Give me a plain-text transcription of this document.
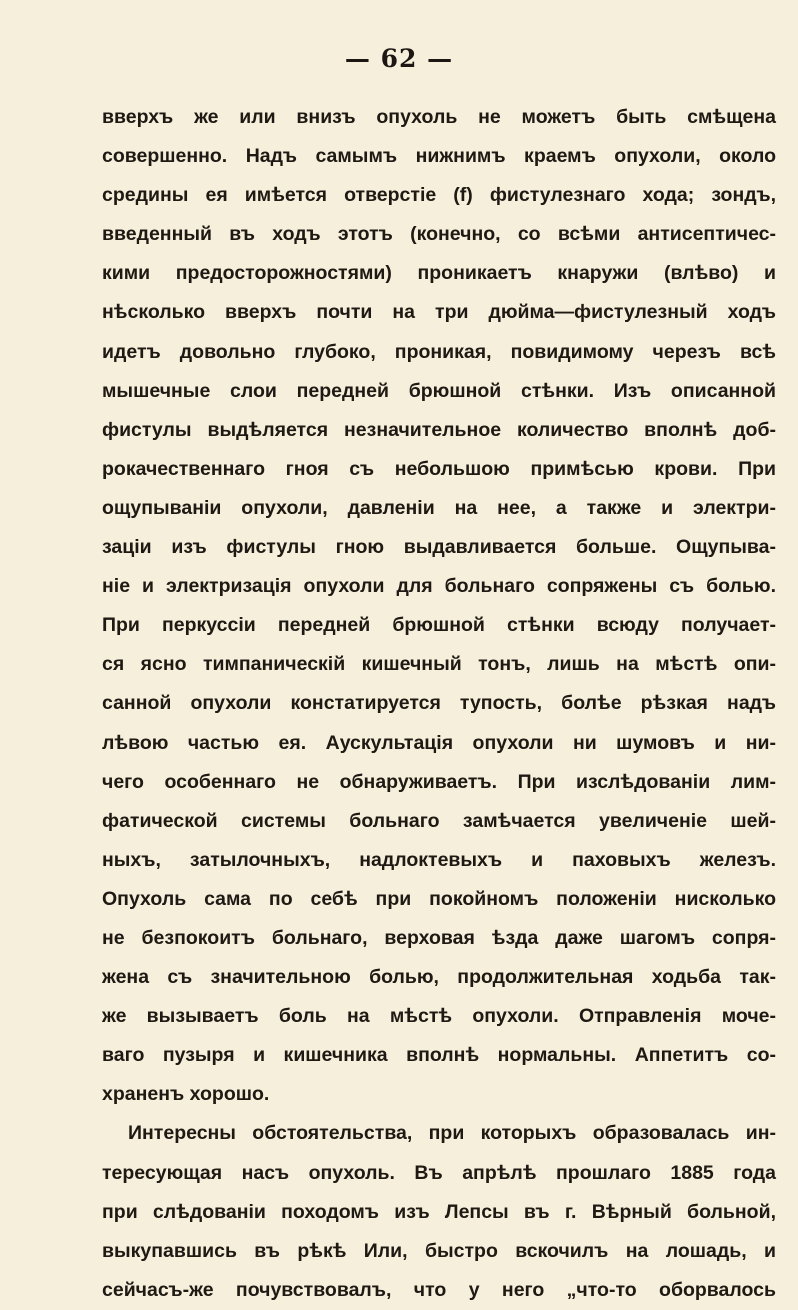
— 62 —
вверхъ же или внизъ опухоль не можетъ быть смѣщена
совершенно. Надъ самымъ нижнимъ краемъ опухоли, около
средины ея имѣется отверстіе (f) фистулезнаго хода; зондъ,
введенный въ ходъ этотъ (конечно, со всѣми антисептичес-
кими предосторожностями) проникаетъ кнаружи (влѣво) и
нѣсколько вверхъ почти на три дюйма—фистулезный ходъ
идетъ довольно глубоко, проникая, повидимому черезъ всѣ
мышечные слои передней брюшной стѣнки. Изъ описанной
фистулы выдѣляется незначительное количество вполнѣ доб-
рокачественнаго гноя съ небольшою примѣсью крови. При
ощупываніи опухоли, давленіи на нее, а также и электри-
заціи изъ фистулы гною выдавливается больше. Ощупыва-
ніе и электризація опухоли для больнаго сопряжены съ болью.
При перкуссіи передней брюшной стѣнки всюду получает-
ся ясно тимпаническій кишечный тонъ, лишь на мѣстѣ опи-
санной опухоли констатируется тупость, болѣе рѣзкая надъ
лѣвою частью ея. Аускультація опухоли ни шумовъ и ни-
чего особеннаго не обнаруживаетъ. При изслѣдованіи лим-
фатической системы больнаго замѣчается увеличеніе шей-
ныхъ, затылочныхъ, надлоктевыхъ и паховыхъ железъ.
Опухоль сама по себѣ при покойномъ положеніи нисколько
не безпокоитъ больнаго, верховая ѣзда даже шагомъ сопря-
жена съ значительною болью, продолжительная ходьба так-
же вызываетъ боль на мѣстѣ опухоли. Отправленія моче-
ваго пузыря и кишечника вполнѣ нормальны. Аппетитъ со-
храненъ хорошо.
Интересны обстоятельства, при которыхъ образовалась ин-
тересующая насъ опухоль. Въ апрѣлѣ прошлаго 1885 года
при слѣдованіи походомъ изъ Лепсы въ г. Вѣрный больной,
выкупавшись въ рѣкѣ Или, быстро вскочилъ на лошадь, и
сейчасъ-же почувствовалъ, что у него „что-то оборвалось
